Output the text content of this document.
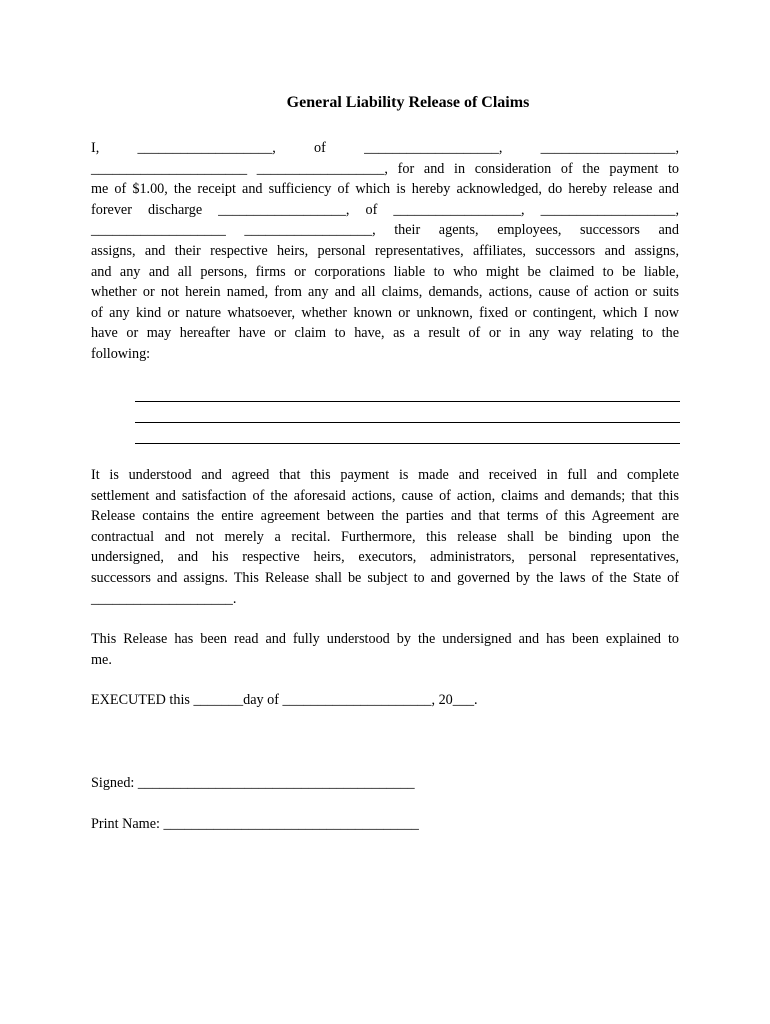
General Liability Release of Claims
I, ___________________, of ___________________, ___________________,
______________________ __________________, for and in consideration of the payment to
me of $1.00, the receipt and sufficiency of which is hereby acknowledged, do hereby release and
forever discharge __________________, of __________________, ___________________,
___________________ __________________, their agents, employees, successors and
assigns, and their respective heirs, personal representatives, affiliates, successors and assigns,
and any and all persons, firms or corporations liable to who might be claimed to be liable,
whether or not herein named, from any and all claims, demands, actions, cause of action or suits
of any kind or nature whatsoever, whether known or unknown, fixed or contingent, which I now
have or may hereafter have or claim to have, as a result of or in any way relating to the
following:
It is understood and agreed that this payment is made and received in full and complete
settlement and satisfaction of the aforesaid actions, cause of action, claims and demands; that this
Release contains the entire agreement between the parties and that terms of this Agreement are
contractual and not merely a recital. Furthermore, this release shall be binding upon the
undersigned, and his respective heirs, executors, administrators, personal representatives,
successors and assigns. This Release shall be subject to and governed by the laws of the State of
____________________.
This Release has been read and fully understood by the undersigned and has been explained to
me.
EXECUTED this _______day of _____________________, 20___.
Signed: _______________________________________
Print Name: ____________________________________
